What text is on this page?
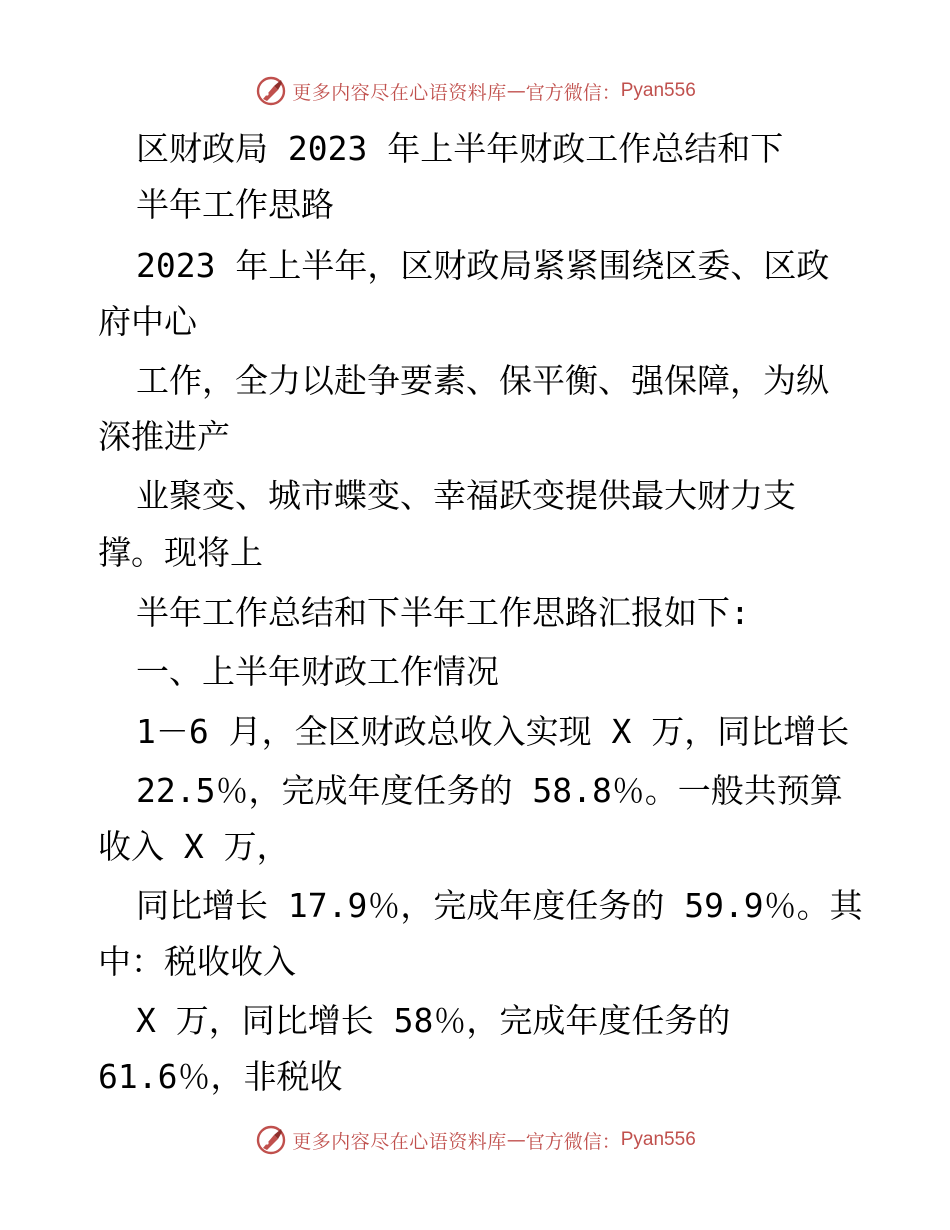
更多内容尽在心语资料库 — 官方微信： Pyan556
区财政局 2023 年上半年财政工作总结和下
半年工作思路
2023 年上半年，区财政局紧紧围绕区委、区政
府中心
工作，全力以赴争要素、保平衡、强保障，为纵
深推进产
业聚变、城市蝶变、幸福跃变提供最大财力支
撑。现将上
半年工作总结和下半年工作思路汇报如下:
一、上半年财政工作情况
1－6 月，全区财政总收入实现 X 万，同比增长
22.5％，完成年度任务的 58.8％。一般共预算
收入 X 万，
同比增长 17.9％，完成年度任务的 59.9％。其
中：税收收入
X 万，同比增长 58％，完成年度任务的
61.6％，非税收
更多内容尽在心语资料库 — 官方微信： Pyan556
